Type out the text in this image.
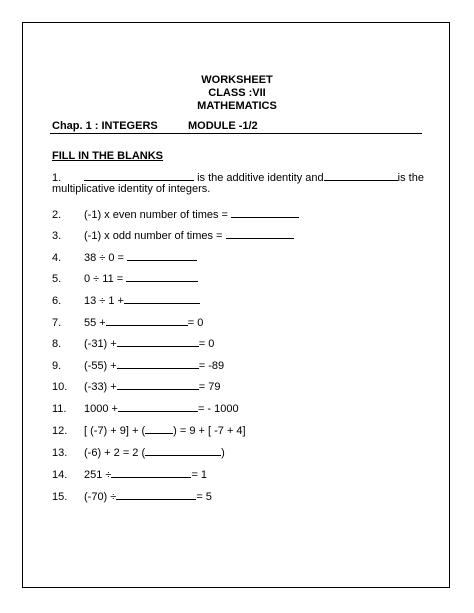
WORKSHEET
CLASS :VII
MATHEMATICS
Chap. 1 : INTEGERS	MODULE -1/2
FILL IN THE BLANKS
1.	is the additive identity and	is the
multiplicative identity of integers.
2. (-1) x even number of times =
3. (-1) x odd number of times =
4. 38 ÷ 0 =
5. 0 ÷ 11 =
6. 13 ÷ 1 +
7. 55 +	= 0
8. (-31) +	= 0
9. (-55) +	= -89
10. (-33) +	= 79
11. 1000 +	= - 1000
12. [ (-7) + 9] + (	) = 9 + [ -7 + 4]
13. (-6) + 2 = 2 (	)
14. 251 ÷	= 1
15. (-70) ÷	= 5
